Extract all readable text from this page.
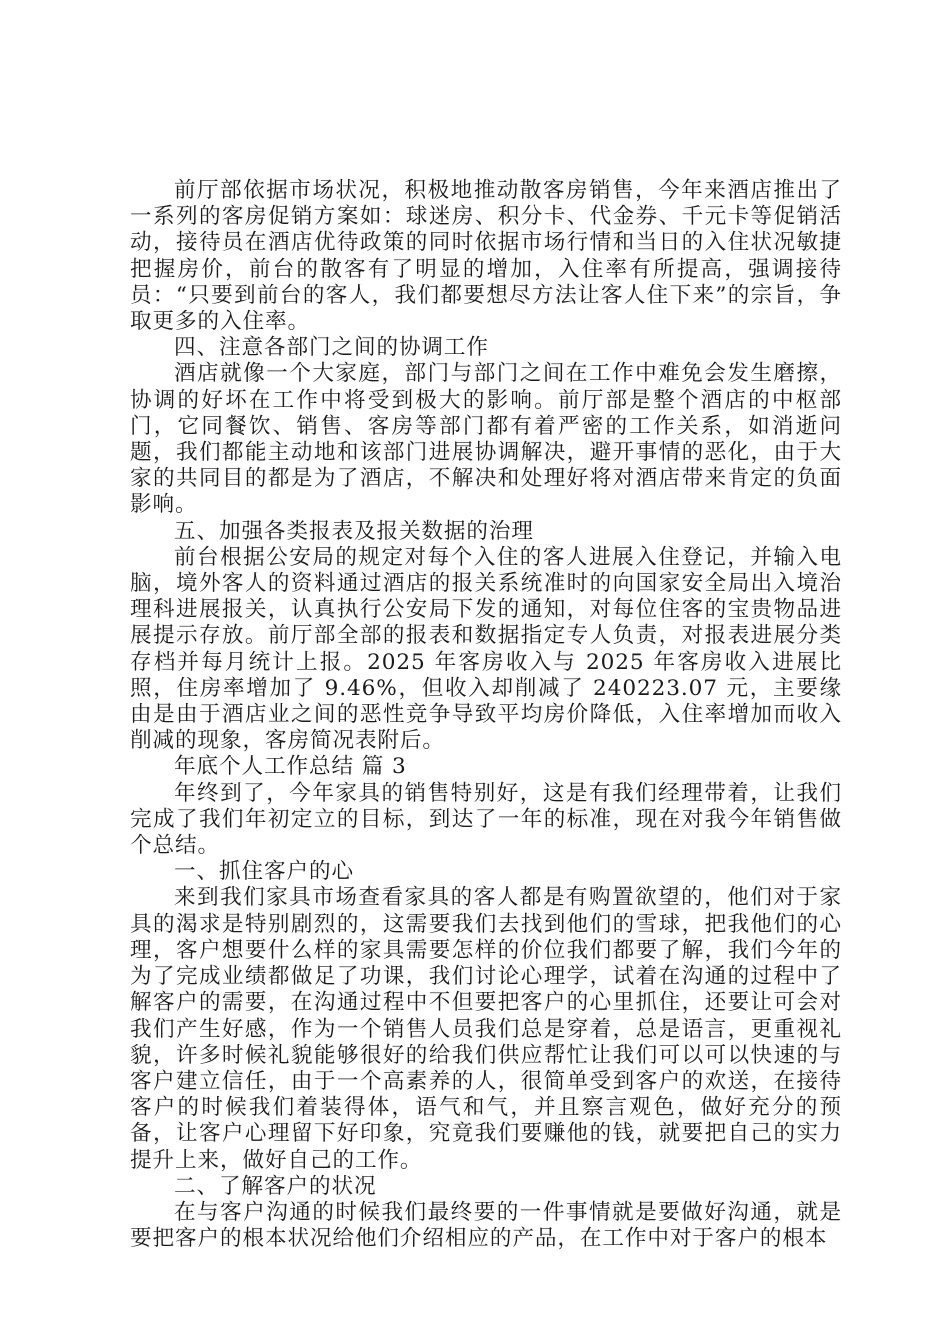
前厅部依据市场状况，积极地推动散客房销售，今年来酒店推出了一系列的客房促销方案如：球迷房、积分卡、代金券、千元卡等促销活动，接待员在酒店优待政策的同时依据市场行情和当日的入住状况敏捷把握房价，前台的散客有了明显的增加，入住率有所提高，强调接待员：“只要到前台的客人，我们都要想尽方法让客人住下来”的宗旨，争取更多的入住率。

四、注意各部门之间的协调工作

酒店就像一个大家庭，部门与部门之间在工作中难免会发生磨擦，协调的好坏在工作中将受到极大的影响。前厅部是整个酒店的中枢部门，它同餐饮、销售、客房等部门都有着严密的工作关系，如消逝问题，我们都能主动地和该部门进展协调解决，避开事情的恶化，由于大家的共同目的都是为了酒店，不解决和处理好将对酒店带来肯定的负面影响。

五、加强各类报表及报关数据的治理

前台根据公安局的规定对每个入住的客人进展入住登记，并输入电脑，境外客人的资料通过酒店的报关系统准时的向国家安全局出入境治理科进展报关，认真执行公安局下发的通知，对每位住客的宝贵物品进展提示存放。前厅部全部的报表和数据指定专人负责，对报表进展分类存档并每月统计上报。2025 年客房收入与 2025 年客房收入进展比照，住房率增加了 9.46%，但收入却削减了 240223.07 元，主要缘由是由于酒店业之间的恶性竞争导致平均房价降低，入住率增加而收入削减的现象，客房简况表附后。

年底个人工作总结 篇 3

年终到了，今年家具的销售特别好，这是有我们经理带着，让我们完成了我们年初定立的目标，到达了一年的标准，现在对我今年销售做个总结。

一、抓住客户的心

来到我们家具市场查看家具的客人都是有购置欲望的，他们对于家具的渴求是特别剧烈的，这需要我们去找到他们的雪球，把我他们的心理，客户想要什么样的家具需要怎样的价位我们都要了解，我们今年的为了完成业绩都做足了功课，我们讨论心理学，试着在沟通的过程中了解客户的需要，在沟通过程中不但要把客户的心里抓住，还要让可会对我们产生好感，作为一个销售人员我们总是穿着，总是语言，更重视礼貌，许多时候礼貌能够很好的给我们供应帮忙让我们可以可以快速的与客户建立信任，由于一个高素养的人，很简单受到客户的欢送，在接待客户的时候我们着装得体，语气和气，并且察言观色，做好充分的预备，让客户心理留下好印象，究竟我们要赚他的钱，就要把自己的实力提升上来，做好自己的工作。

二、了解客户的状况

在与客户沟通的时候我们最终要的一件事情就是要做好沟通，就是要把客户的根本状况给他们介绍相应的产品，在工作中对于客户的根本
